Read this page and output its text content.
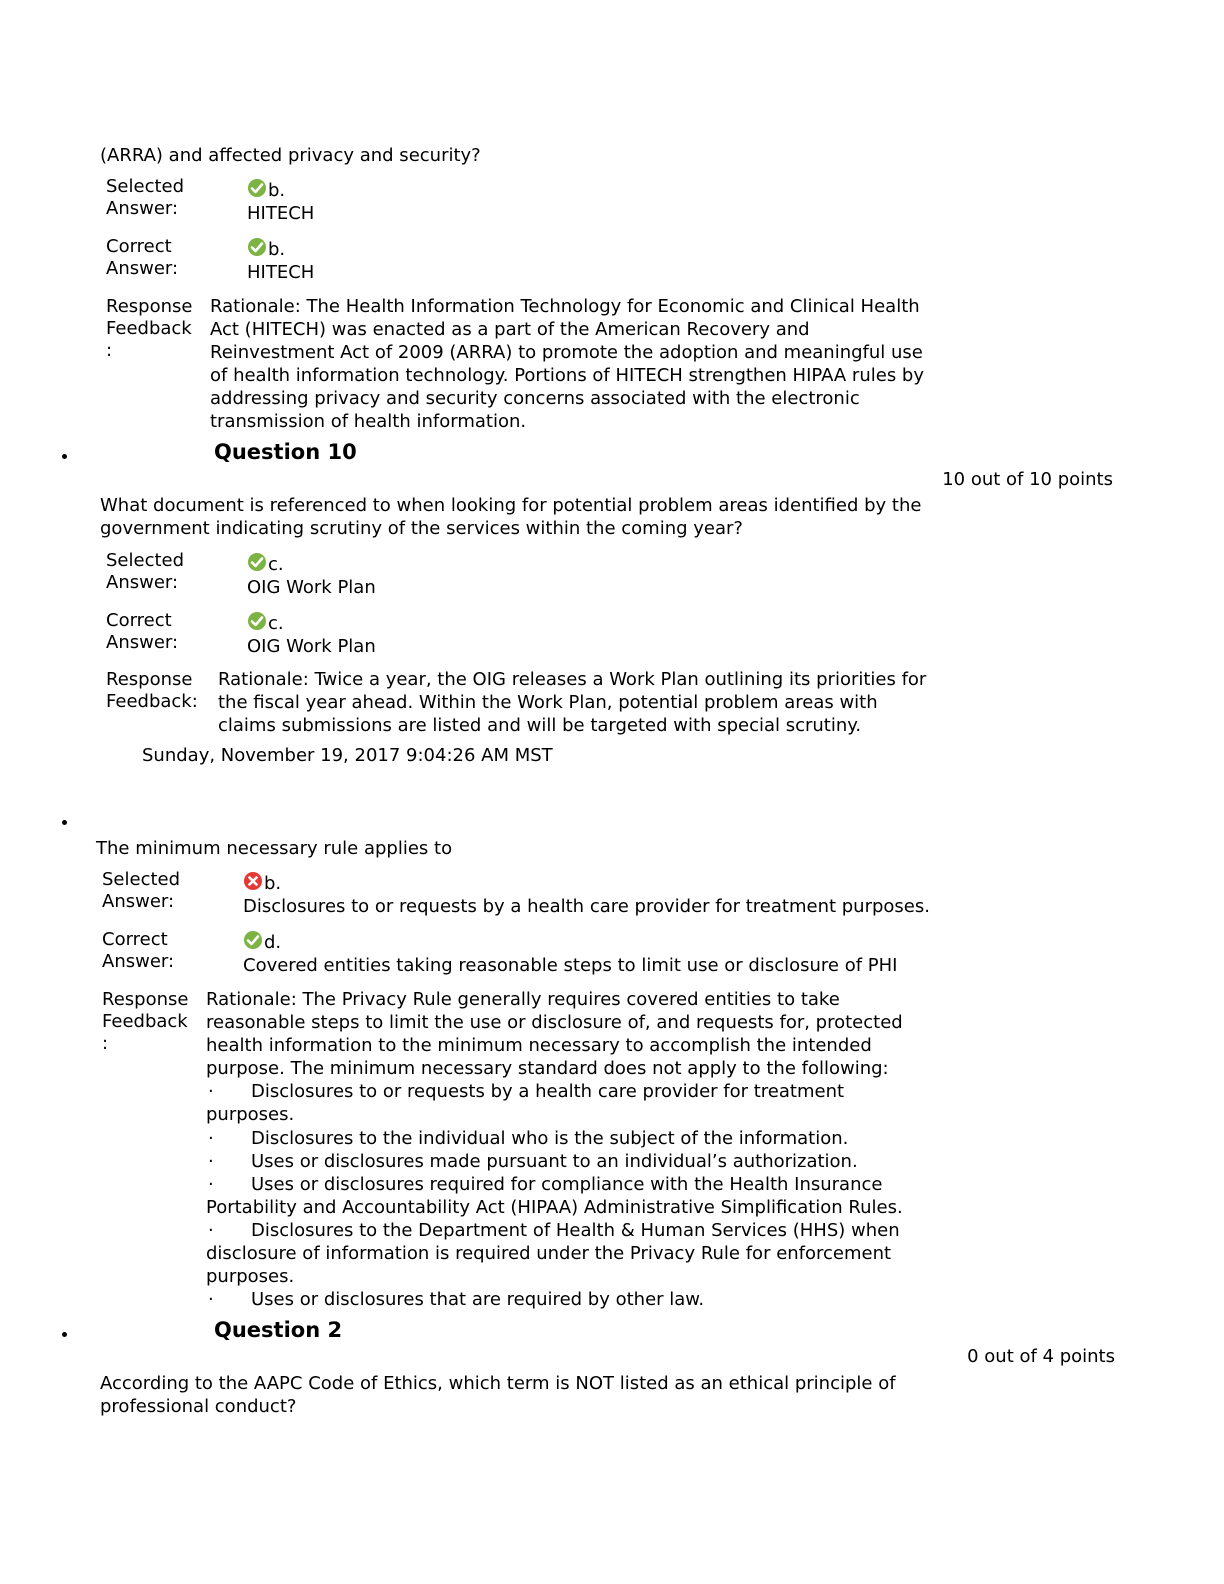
(ARRA) and affected privacy and security?
Selected
Answer:
b.
HITECH
Correct
Answer:
b.
HITECH
Response
Feedback
:
Rationale: The Health Information Technology for Economic and Clinical Health
Act (HITECH) was enacted as a part of the American Recovery and
Reinvestment Act of 2009 (ARRA) to promote the adoption and meaningful use
of health information technology. Portions of HITECH strengthen HIPAA rules by
addressing privacy and security concerns associated with the electronic
transmission of health information.
Question 10
10 out of 10 points
What document is referenced to when looking for potential problem areas identified by the
government indicating scrutiny of the services within the coming year?
Selected
Answer:
c.
OIG Work Plan
Correct
Answer:
c.
OIG Work Plan
Response
Feedback:
Rationale: Twice a year, the OIG releases a Work Plan outlining its priorities for
the fiscal year ahead. Within the Work Plan, potential problem areas with
claims submissions are listed and will be targeted with special scrutiny.
Sunday, November 19, 2017 9:04:26 AM MST
The minimum necessary rule applies to
Selected
Answer:
b.
Disclosures to or requests by a health care provider for treatment purposes.
Correct
Answer:
d.
Covered entities taking reasonable steps to limit use or disclosure of PHI
Response
Feedback
:
Rationale: The Privacy Rule generally requires covered entities to take
reasonable steps to limit the use or disclosure of, and requests for, protected
health information to the minimum necessary to accomplish the intended
purpose. The minimum necessary standard does not apply to the following:
· Disclosures to or requests by a health care provider for treatment
purposes.
· Disclosures to the individual who is the subject of the information.
· Uses or disclosures made pursuant to an individual’s authorization.
· Uses or disclosures required for compliance with the Health Insurance
Portability and Accountability Act (HIPAA) Administrative Simplification Rules.
· Disclosures to the Department of Health & Human Services (HHS) when
disclosure of information is required under the Privacy Rule for enforcement
purposes.
· Uses or disclosures that are required by other law.
Question 2
0 out of 4 points
According to the AAPC Code of Ethics, which term is NOT listed as an ethical principle of
professional conduct?
